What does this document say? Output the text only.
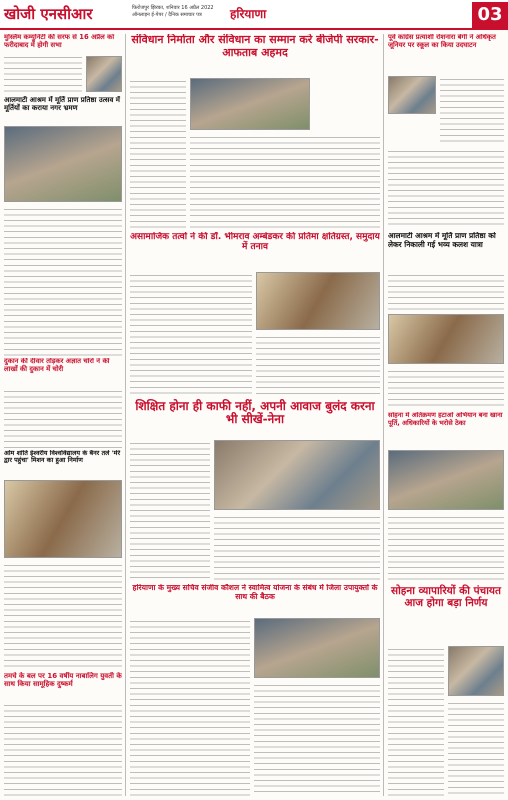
खोजी एनसीआर	फ़िरोजपुर झिरका, शनिवार 16 अप्रैल 2022
ऑनलाइन ई-पेपर / दैनिक समाचार पत्र	हरियाणा	03
मुस्लिम कम्युनिटी की सरफ से 16 अप्रैल को फरीदाबाद में होगी सभा
आलमाटी आश्रम में मूर्ति प्राण प्रतिष्ठा उत्सव में मूर्तियों का कराया नगर भ्रमण
दुकान की दीवार तोड़कर अज्ञात चोरों ने की लाखों की दुकान में चोरी
ओम शांति ईश्वरीय विश्वविद्यालय के बैनर तले 'मेरे द्वार पहुंचा' मिशन का हुआ निर्माण
तमचे के बल पर 16 वर्षीय नाबालिग युवती के साथ किया सामूहिक दुष्कर्म
संविधान निर्माता और संविधान का सम्मान करे बीजेपी सरकार-आफताब अहमद
असामाजिक तत्वों ने की डॉ. भीमराव अम्बेडकर की प्रतिमा क्षतिग्रस्त, समुदाय में तनाव
शिक्षित होना ही काफी नहीं, अपनी आवाज बुलंद करना भी सीखें-नेना
हरियाणा के मुख्य सचिव संजीव कौशल ने स्वामित्व योजना के संबंध में जिला उपायुक्तों के साथ की बैठक
पूर्व कांग्रेस प्रत्याशी रोशनारा बेगी ने अधिकृत जूनियर पर स्कूल का किया उदघाटन
आलमाटी आश्रम में मूर्ति प्राण प्रतिष्ठा को लेकर निकाली गई भव्य कलश यात्रा
सोहना में अतिक्रमण हटाओ अभियान बना खाना पूर्ति, अधिकारियों के भरोसे ठेका
सोहना व्यापारियों की पंचायत आज होगा बड़ा निर्णय
